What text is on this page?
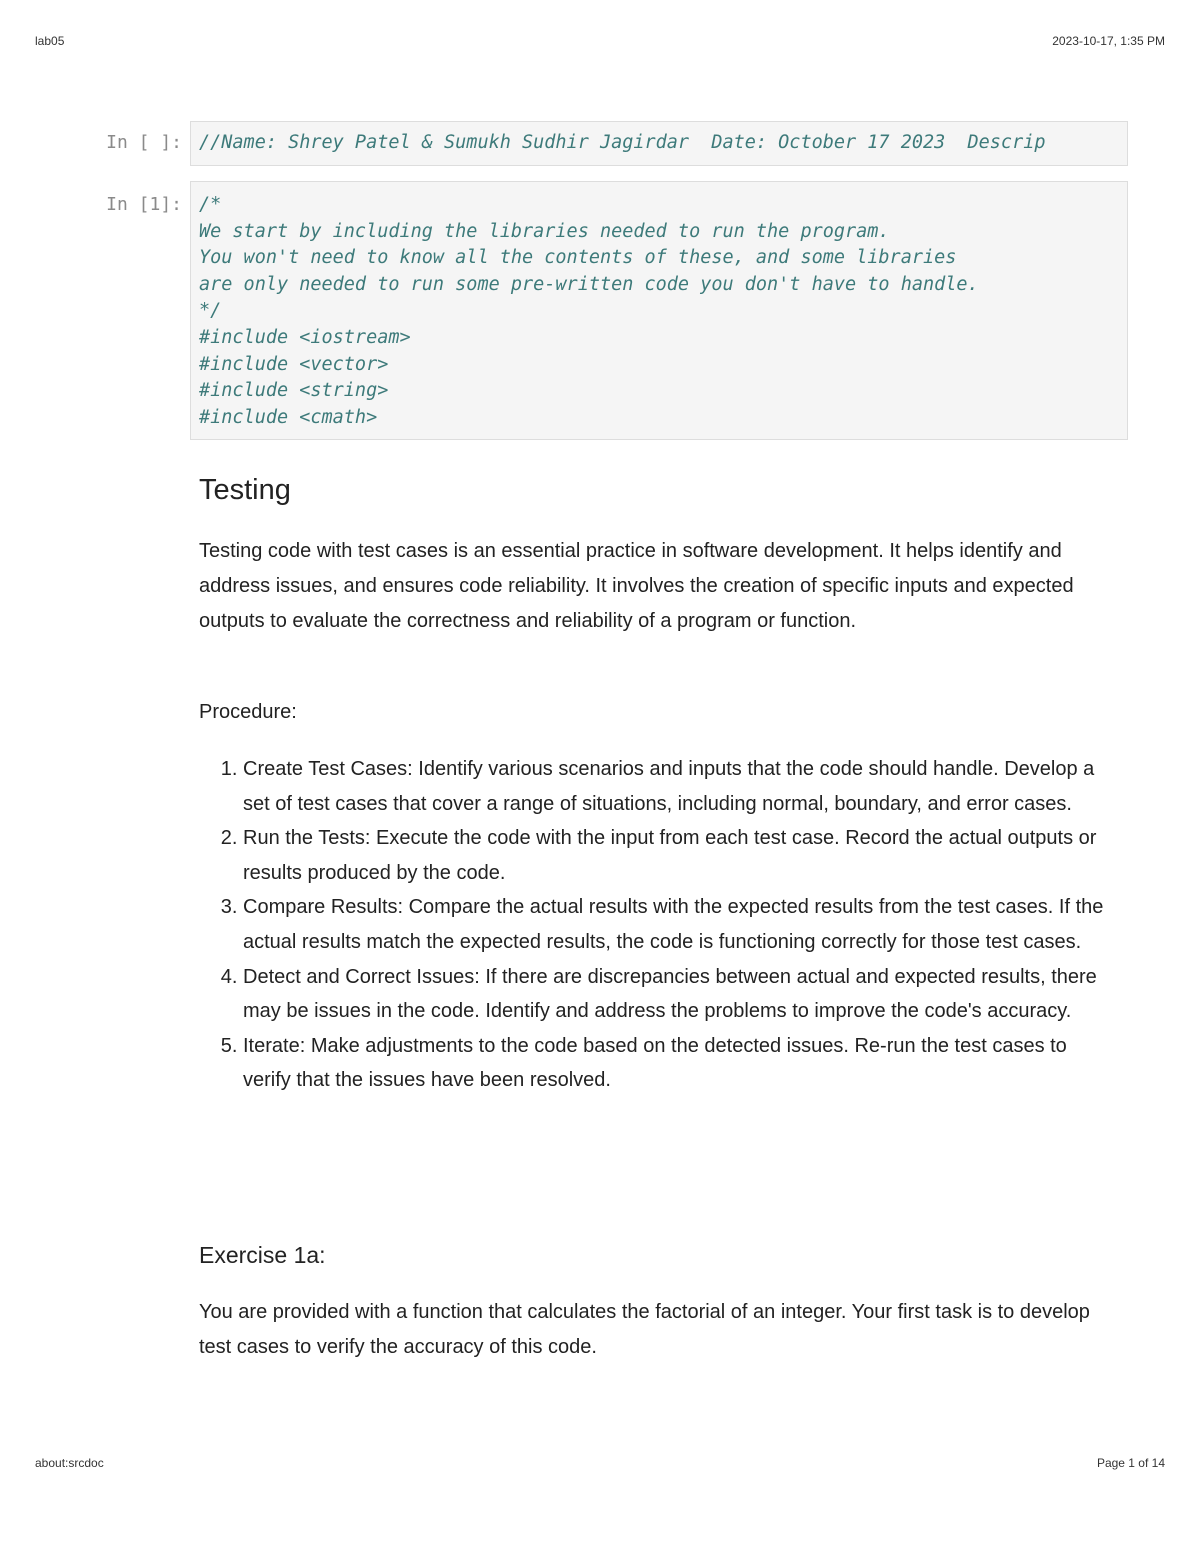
lab05	2023-10-17, 1:35 PM
In [ ]: //Name: Shrey Patel & Sumukh Sudhir Jagirdar  Date: October 17 2023  Descrip
In [1]: /*
We start by including the libraries needed to run the program.
You won't need to know all the contents of these, and some libraries
are only needed to run some pre-written code you don't have to handle.
*/
#include <iostream>
#include <vector>
#include <string>
#include <cmath>
Testing

Testing code with test cases is an essential practice in software development. It helps identify and address issues, and ensures code reliability. It involves the creation of specific inputs and expected outputs to evaluate the correctness and reliability of a program or function.

Procedure:

1. Create Test Cases: Identify various scenarios and inputs that the code should handle. Develop a set of test cases that cover a range of situations, including normal, boundary, and error cases.
2. Run the Tests: Execute the code with the input from each test case. Record the actual outputs or results produced by the code.
3. Compare Results: Compare the actual results with the expected results from the test cases. If the actual results match the expected results, the code is functioning correctly for those test cases.
4. Detect and Correct Issues: If there are discrepancies between actual and expected results, there may be issues in the code. Identify and address the problems to improve the code's accuracy.
5. Iterate: Make adjustments to the code based on the detected issues. Re-run the test cases to verify that the issues have been resolved.
Exercise 1a:

You are provided with a function that calculates the factorial of an integer. Your first task is to develop test cases to verify the accuracy of this code.

about:srcdoc	Page 1 of 14
